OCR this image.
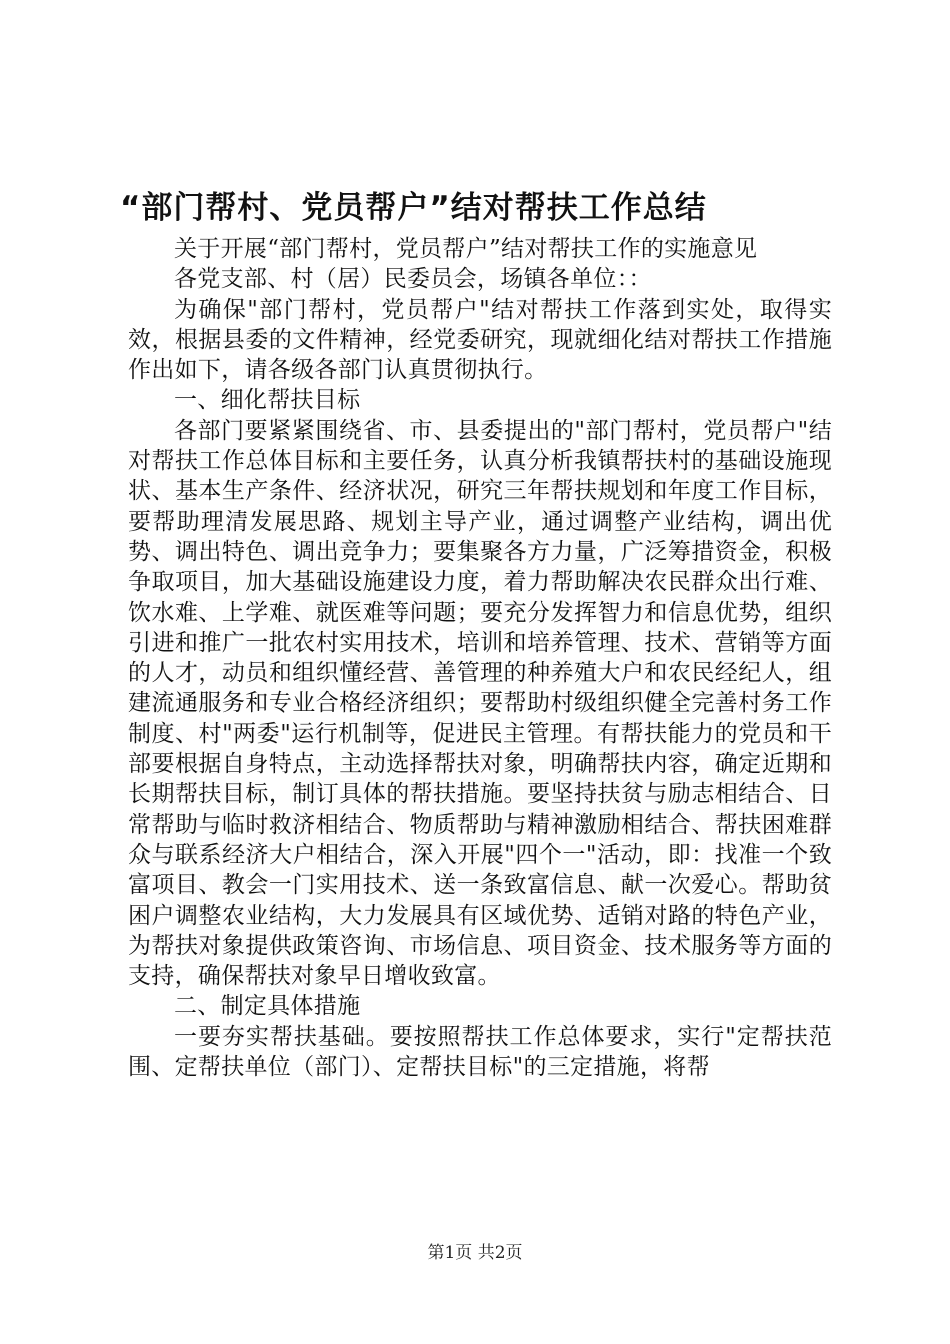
“部门帮村、党员帮户”结对帮扶工作总结

关于开展“部门帮村，党员帮户”结对帮扶工作的实施意见

各党支部、村（居）民委员会，场镇各单位：：

为确保"部门帮村，党员帮户"结对帮扶工作落到实处，取得实效，根据县委的文件精神，经党委研究，现就细化结对帮扶工作措施作出如下，请各级各部门认真贯彻执行。

一、细化帮扶目标

各部门要紧紧围绕省、市、县委提出的"部门帮村，党员帮户"结对帮扶工作总体目标和主要任务，认真分析我镇帮扶村的基础设施现状、基本生产条件、经济状况，研究三年帮扶规划和年度工作目标，要帮助理清发展思路、规划主导产业，通过调整产业结构，调出优势、调出特色、调出竞争力；要集聚各方力量，广泛筹措资金，积极争取项目，加大基础设施建设力度，着力帮助解决农民群众出行难、饮水难、上学难、就医难等问题；要充分发挥智力和信息优势，组织引进和推广一批农村实用技术，培训和培养管理、技术、营销等方面的人才，动员和组织懂经营、善管理的种养殖大户和农民经纪人，组建流通服务和专业合格经济组织；要帮助村级组织健全完善村务工作制度、村"两委"运行机制等，促进民主管理。有帮扶能力的党员和干部要根据自身特点，主动选择帮扶对象，明确帮扶内容，确定近期和长期帮扶目标，制订具体的帮扶措施。要坚持扶贫与励志相结合、日常帮助与临时救济相结合、物质帮助与精神激励相结合、帮扶困难群众与联系经济大户相结合，深入开展"四个一"活动，即：找准一个致富项目、教会一门实用技术、送一条致富信息、献一次爱心。帮助贫困户调整农业结构，大力发展具有区域优势、适销对路的特色产业，为帮扶对象提供政策咨询、市场信息、项目资金、技术服务等方面的支持，确保帮扶对象早日增收致富。

二、制定具体措施

一要夯实帮扶基础。要按照帮扶工作总体要求，实行"定帮扶范围、定帮扶单位（部门）、定帮扶目标"的三定措施，将帮

第1页 共2页
